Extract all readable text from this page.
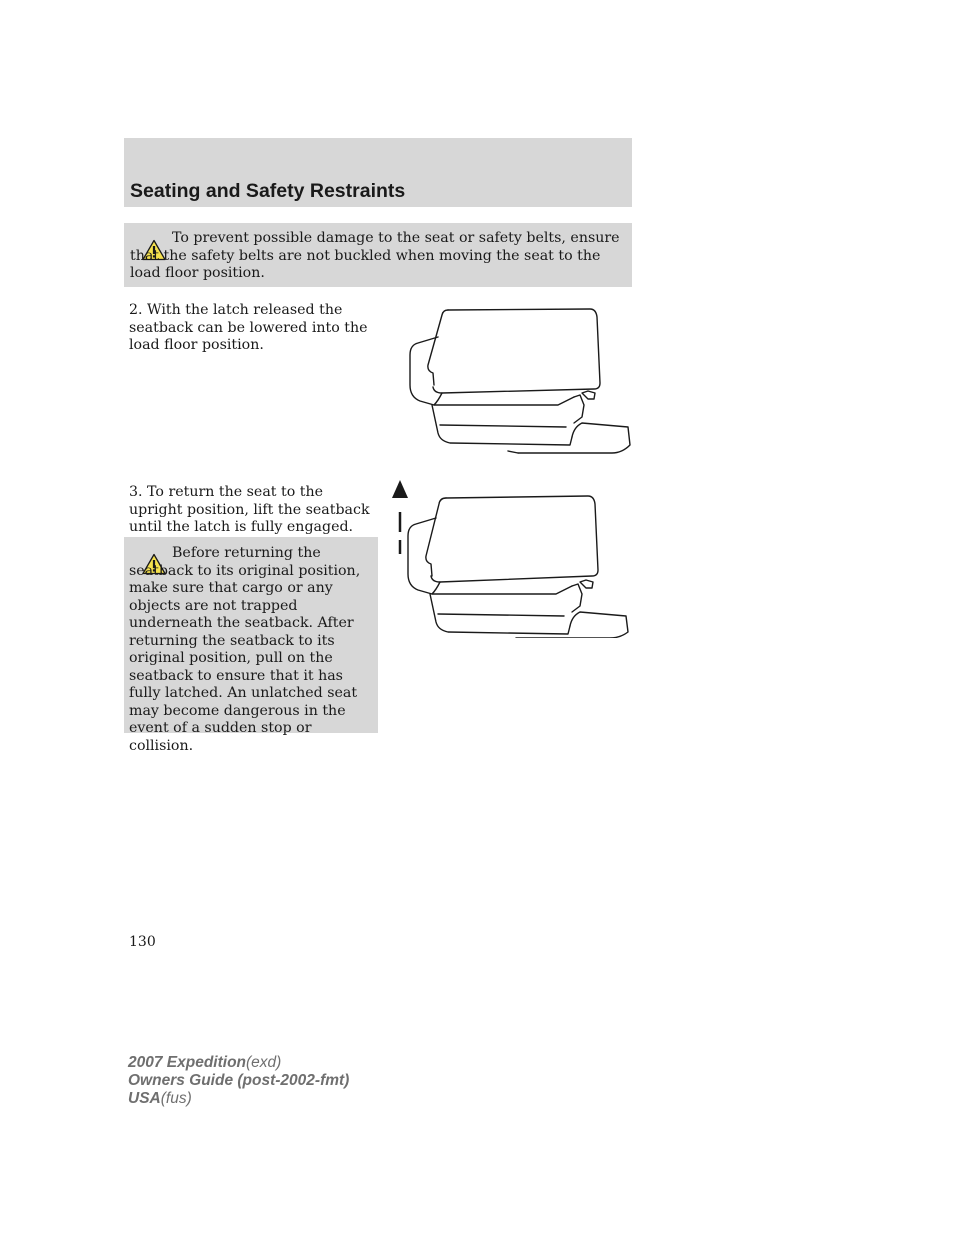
Seating and Safety Restraints

To prevent possible damage to the seat or safety belts, ensure that the safety belts are not buckled when moving the seat to the load floor position.

2. With the latch released the seatback can be lowered into the load floor position.

3. To return the seat to the upright position, lift the seatback until the latch is fully engaged.

Before returning the seatback to its original position, make sure that cargo or any objects are not trapped underneath the seatback. After returning the seatback to its original position, pull on the seatback to ensure that it has fully latched. An unlatched seat may become dangerous in the event of a sudden stop or collision.

130

2007 Expedition(exd)
Owners Guide (post-2002-fmt)
USA(fus)
